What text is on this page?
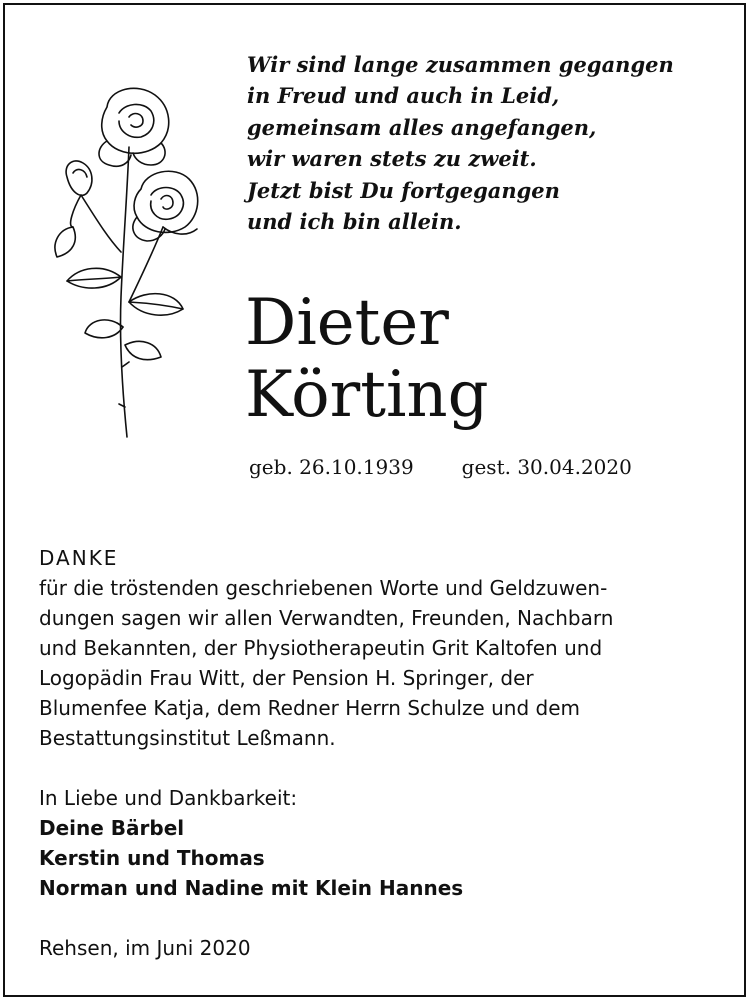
Wir sind lange zusammen gegangen
in Freud und auch in Leid,
gemeinsam alles angefangen,
wir waren stets zu zweit.
Jetzt bist Du fortgegangen
und ich bin allein.
Dieter
Körting
geb. 26.10.1939 gest. 30.04.2020
DANKE
für die tröstenden geschriebenen Worte und Geldzuwen-
dungen sagen wir allen Verwandten, Freunden, Nachbarn
und Bekannten, der Physiotherapeutin Grit Kaltofen und
Logopädin Frau Witt, der Pension H. Springer, der
Blumenfee Katja, dem Redner Herrn Schulze und dem
Bestattungsinstitut Leßmann.
In Liebe und Dankbarkeit:
Deine Bärbel
Kerstin und Thomas
Norman und Nadine mit Klein Hannes
Rehsen, im Juni 2020
